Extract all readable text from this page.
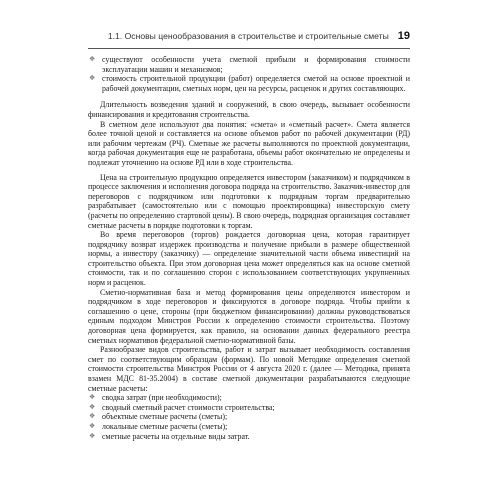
1.1. Основы ценообразования в строительстве и строительные сметы 19
❖ существуют особенности учета сметной прибыли и формирования стоимости эксплуатации машин и механизмов;
❖ стоимость строительной продукции (работ) определяется сметой на основе проектной и рабочей документации, сметных норм, цен на ресурсы, расценок и других составляющих.

Длительность возведения зданий и сооружений, в свою очередь, вызывает особенности финансирования и кредитования строительства.

В сметном деле используют два понятия: «смета» и «сметный расчет». Смета является более точной ценой и составляется на основе объемов работ по рабочей документации (РД) или рабочим чертежам (РЧ). Сметные же расчеты выполняются по проектной документации, когда рабочая документация еще не разработана, объемы работ окончательно не определены и подлежат уточнению на основе РД или в ходе строительства.

Цена на строительную продукцию определяется инвестором (заказчиком) и подрядчиком в процессе заключения и исполнения договора подряда на строительство. Заказчик-инвестор для переговоров с подрядчиком или подготовки к подрядным торгам предварительно разрабатывает (самостоятельно или с помощью проектировщика) инвесторскую смету (расчеты по определению стартовой цены). В свою очередь, подрядная организация составляет сметные расчеты в порядке подготовки к торгам.

Во время переговоров (торгов) рождается договорная цена, которая гарантирует подрядчику возврат издержек производства и получение прибыли в размере общественной нормы, а инвестору (заказчику) — определение значительной части объема инвестиций на строительство объекта. При этом договорная цена может определяться как на основе сметной стоимости, так и по соглашению сторон с использованием соответствующих укрупненных норм и расценок.

Сметно-нормативная база и метод формирования цены определяются инвестором и подрядчиком в ходе переговоров и фиксируются в договоре подряда. Чтобы прийти к соглашению о цене, стороны (при бюджетном финансировании) должны руководствоваться единым подходом Минстроя России к определению стоимости строительства. Поэтому договорная цена формируется, как правило, на основании данных федерального реестра сметных нормативов федеральной сметно-нормативной базы.

Разнообразие видов строительства, работ и затрат вызывает необходимость составления смет по соответствующим образцам (формам). По новой Методике определения сметной стоимости строительства Минстроя России от 4 августа 2020 г. (далее — Методика, принята взамен МДС 81-35.2004) в составе сметной документации разрабатываются следующие сметные расчеты:

❖ сводка затрат (при необходимости);
❖ сводный сметный расчет стоимости строительства;
❖ объектные сметные расчеты (сметы);
❖ локальные сметные расчеты (сметы);
❖ сметные расчеты на отдельные виды затрат.
